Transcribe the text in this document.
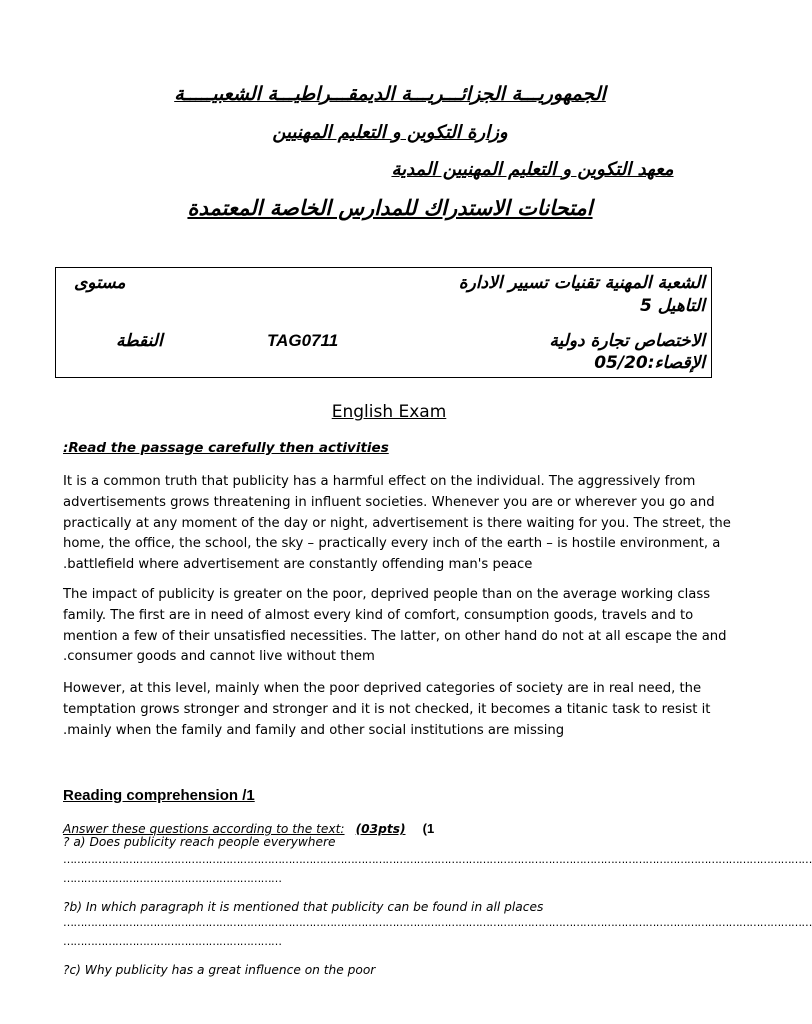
الجمهوريـــة الجزائـــريـــة الديمقـــراطيـــة الشعبيـــــة
وزارة التكوين و التعليم المهنيين
معهد التكوين و التعليم المهنيين المدية
امتحانات الاستدراك للمدارس الخاصة المعتمدة
مستوى	الشعبة المهنية تقنيات تسيير الادارة
التاهيل 5
النقطة	TAG0711	الاختصاص تجارة دولية
الإقصاء:05/20
English Exam
:Read the passage carefully then activities
It is a common truth that publicity has a harmful effect on the individual. The aggressively from
advertisements grows threatening in influent societies. Whenever you are or wherever you go and
practically at any moment of the day or night, advertisement is there waiting for you. The street, the
home, the office, the school, the sky – practically every inch of the earth – is hostile environment, a
.battlefield where advertisement are constantly offending man's peace
The impact of publicity is greater on the poor, deprived people than on the average working class
family. The first are in need of almost every kind of comfort, consumption goods, travels and to
mention a few of their unsatisfied necessities. The latter, on other hand do not at all escape the and
.consumer goods and cannot live without them
However, at this level, mainly when the poor deprived categories of society are in real need, the
temptation grows stronger and stronger and it is not checked, it becomes a titanic task to resist it
.mainly when the family and family and other social institutions are missing
Reading comprehension /1
Answer these questions according to the text: (03pts) (1
? a) Does publicity reach people everywhere
………………………………………………………………………………………………………………………………………………………………………………………………
………………………………………………………
?b) In which paragraph it is mentioned that publicity can be found in all places
………………………………………………………………………………………………………………………………………………………………………………………………
………………………………………………………
?c) Why publicity has a great influence on the poor
